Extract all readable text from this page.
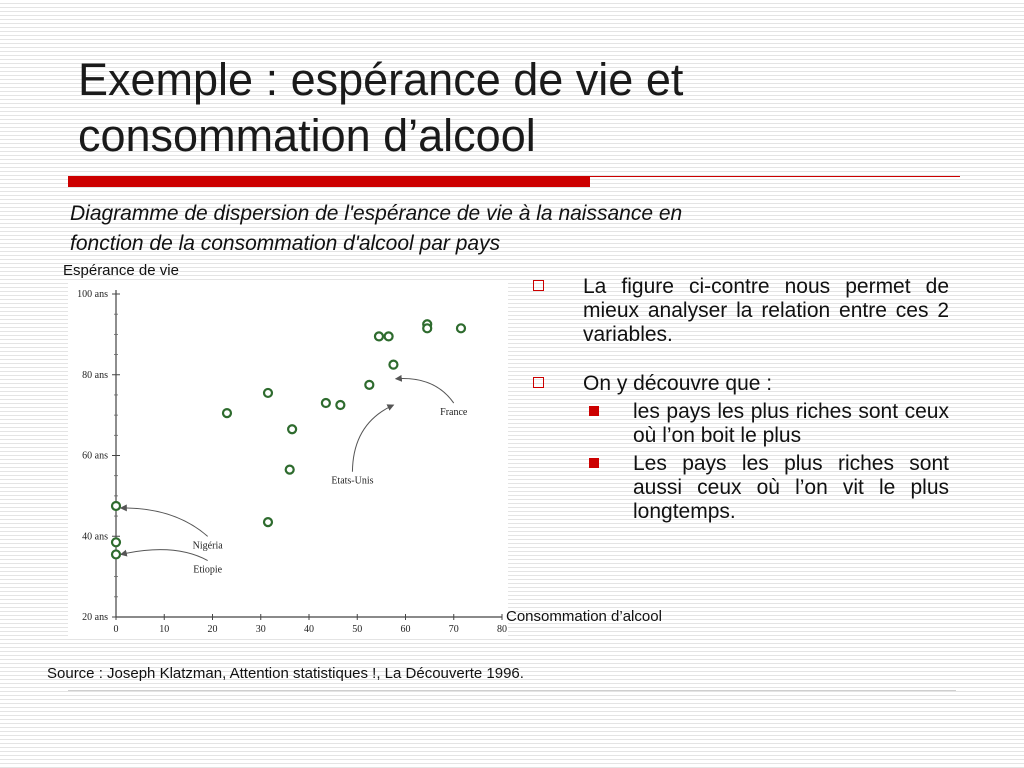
Exemple : espérance de vie et
consommation d’alcool
Diagramme de dispersion de l'espérance de vie à la naissance en
fonction de la consommation d'alcool par pays
Espérance de vie
20 ans
40 ans
60 ans
80 ans
100 ans
0	10	20	30	40	50	60	70	80
France
Etats-Unis
Nigéria
Etiopie
Consommation d’alcool
La figure ci-contre nous permet de mieux analyser la relation entre ces 2 variables.
On y découvre que :
les pays les plus riches sont ceux où l’on boit le plus
Les pays les plus riches sont aussi ceux où l’on vit le plus longtemps.
Source : Joseph Klatzman, Attention statistiques !, La Découverte 1996.
